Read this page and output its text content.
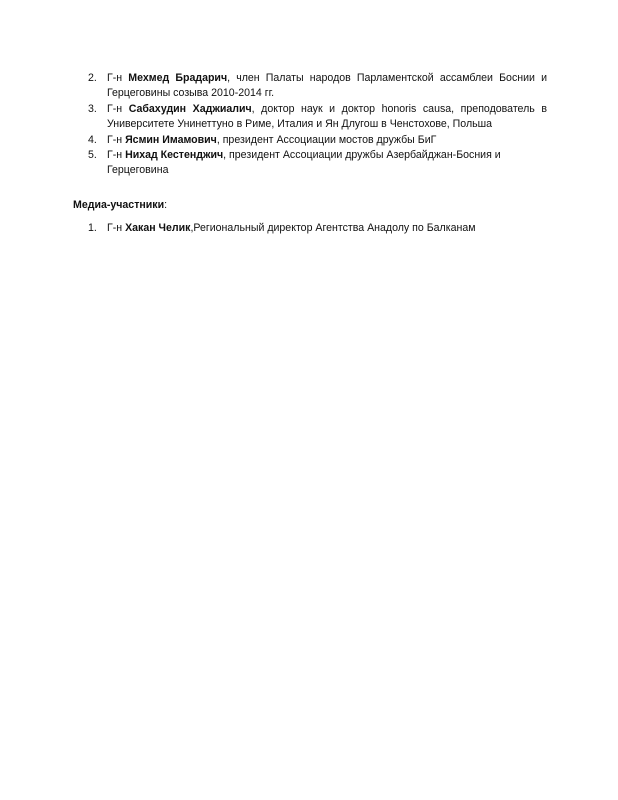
2. Г-н Мехмед Брадарич, член Палаты народов Парламентской ассамблеи Боснии и
Герцеговины созыва 2010-2014 гг.
3. Г-н Сабахудин Хаджиалич, доктор наук и доктор honoris causa, преподователь в
Университете Унинеттуно в Риме, Италия и Ян Длугош в Ченстохове, Польша
4. Г-н Ясмин Имамович, президент Ассоциации мостов дружбы БиГ
5. Г-н Нихад Кестенджич, президент Ассоциации дружбы Азербайджан-Босния и
Герцеговина

Медиа-участники:

1. Г-н Хакан Челик,Региональный директор Агентства Анадолу по Балканам
